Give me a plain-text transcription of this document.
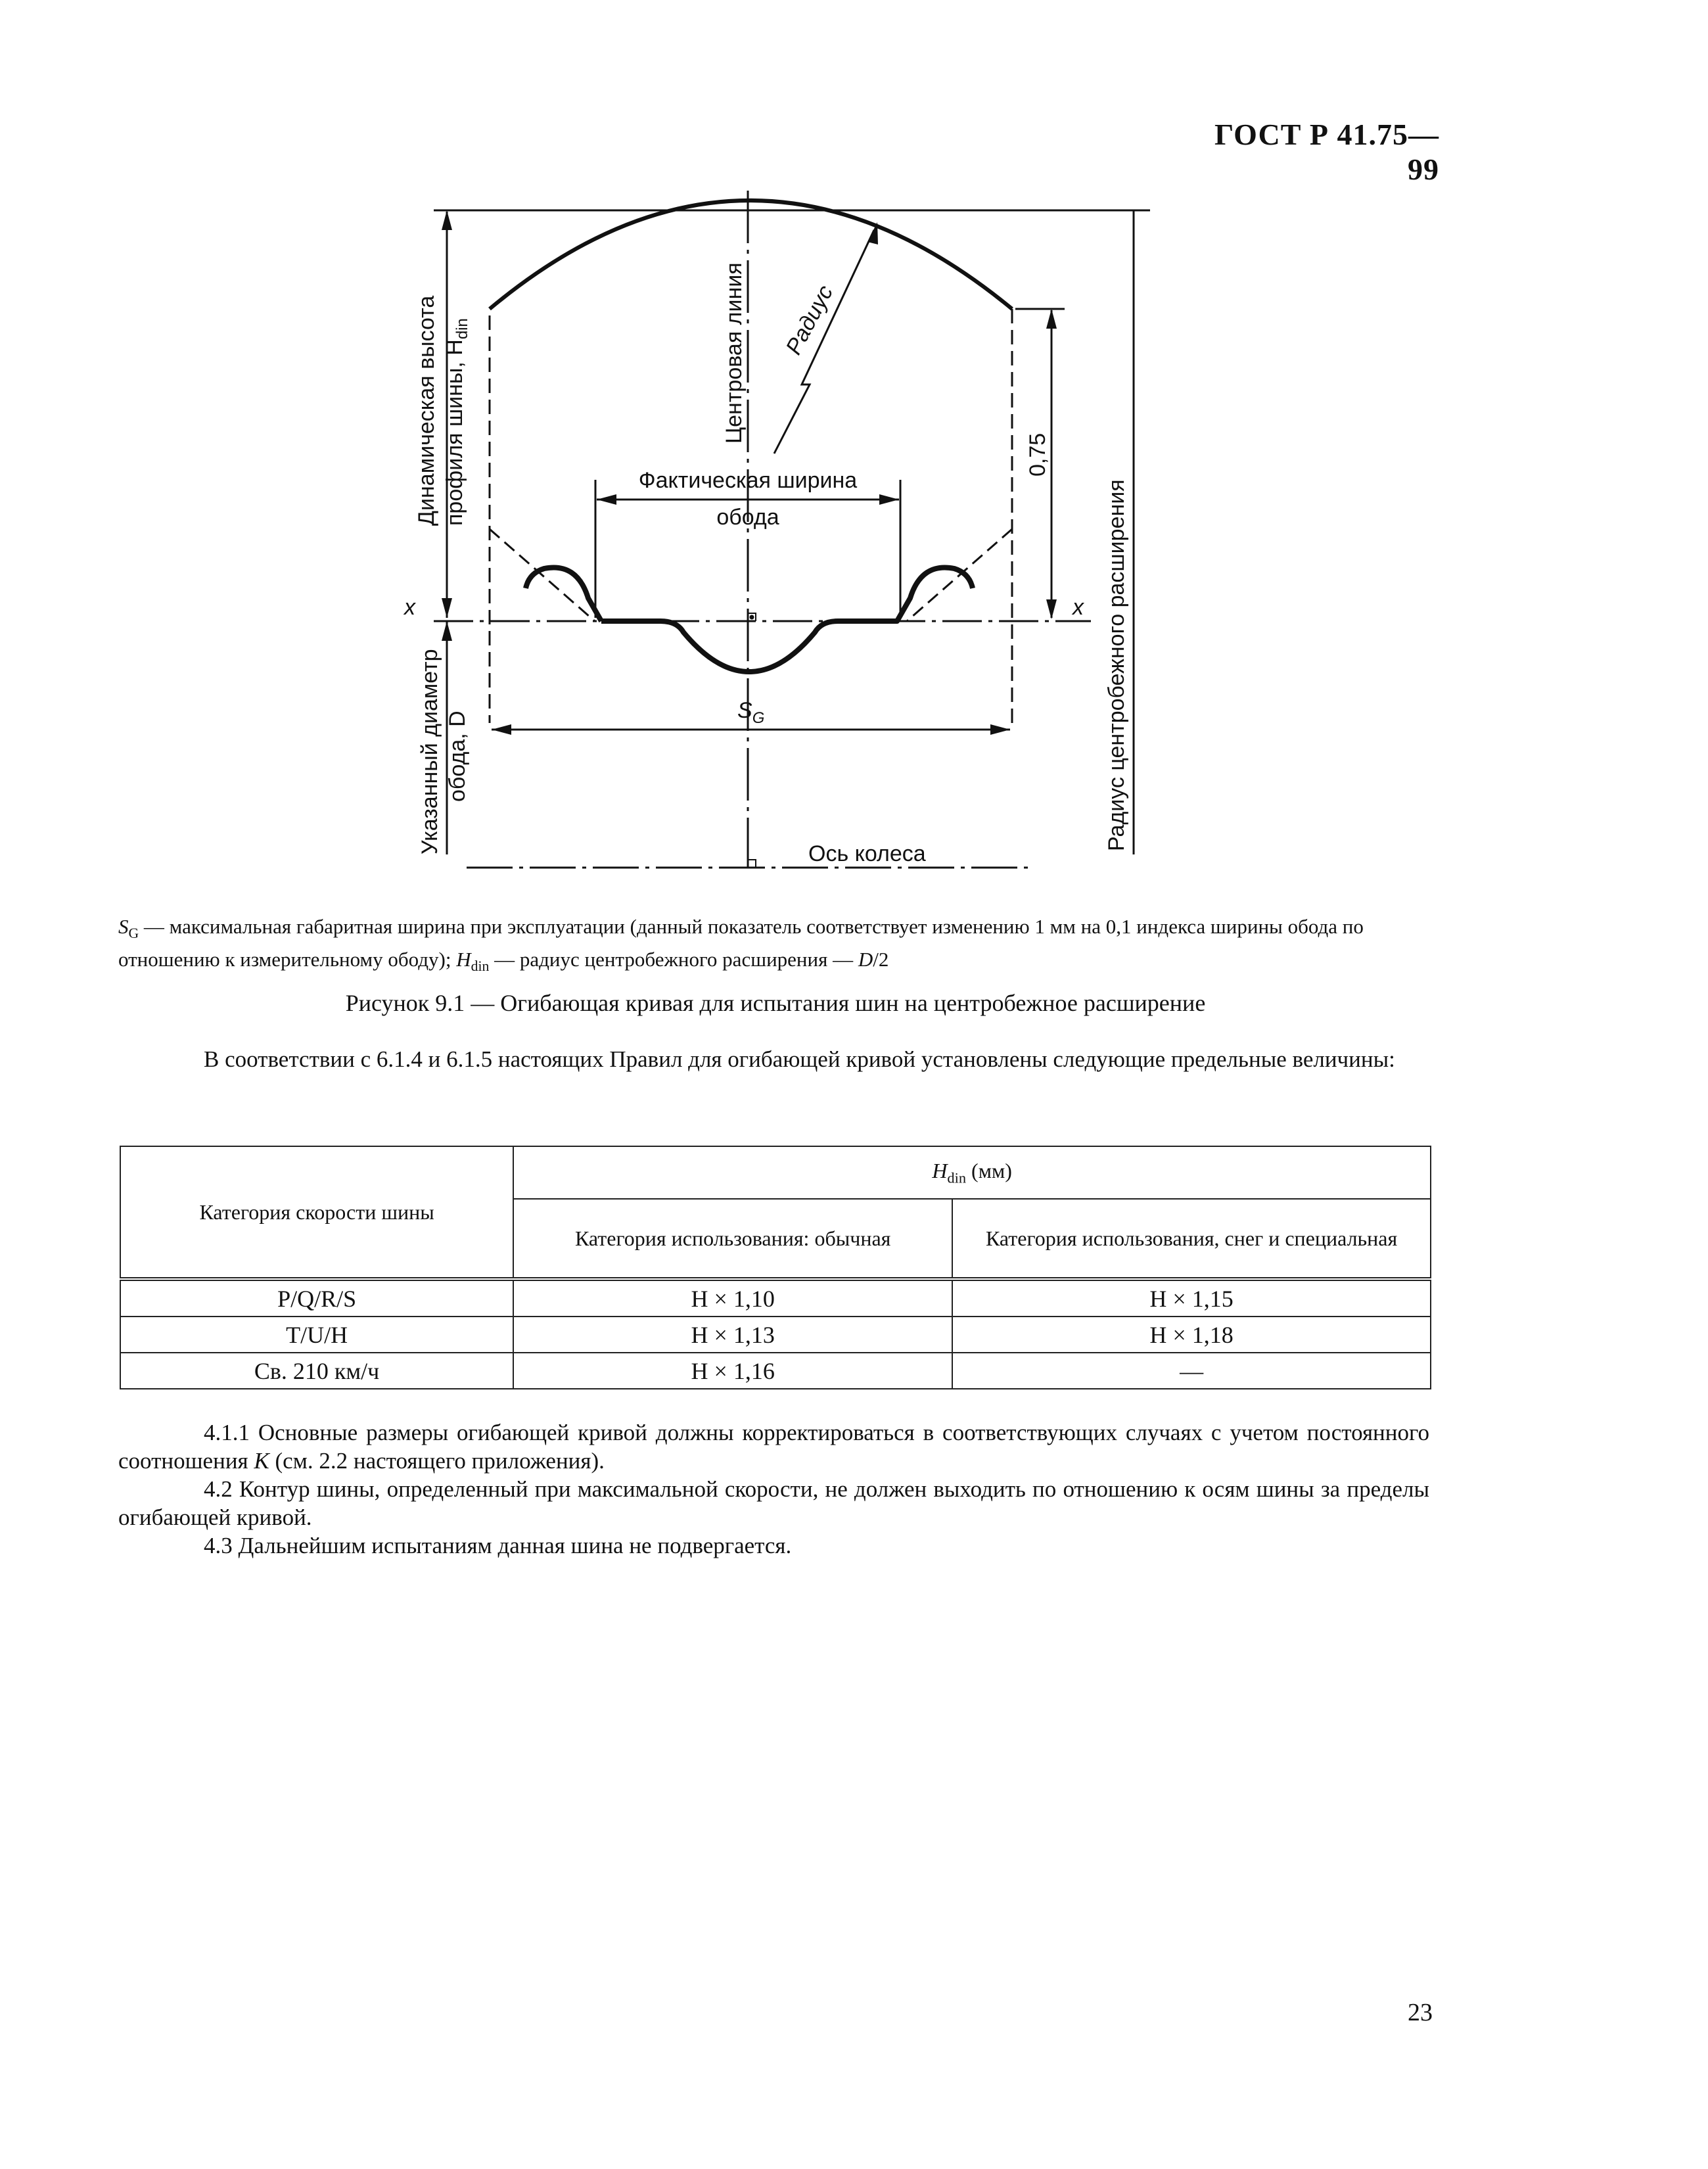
ГОСТ Р 41.75—99
Динамическая высота профиля шины, $H_{din}$	Центровая линия Радиус
0,75
Фактическая ширина
обода
x	x
Указанный диаметр обода, D
$S_G$
Ось колеса
Радиус центробежного расширения
$S_G$ — максимальная габаритная ширина при эксплуатации (данный показатель соответствует изменению 1 мм на 0,1 индекса ширины обода по отношению к измерительному ободу); $H_{din}$ — радиус центробежного расширения — D/2
Рисунок 9.1 — Огибающая кривая для испытания шин на центробежное расширение
В соответствии с 6.1.4 и 6.1.5 настоящих Правил для огибающей кривой установлены следующие предельные величины:
Категория скорости шины	$H_{din}$ (мм)	
	Категория использования: обычная	Категория использования, снег и специальная
P/Q/R/S	H × 1,10	H × 1,15
T/U/H	H × 1,13	H × 1,18
Св. 210 км/ч	H × 1,16	—

4.1.1 Основные размеры огибающей кривой должны корректироваться в соответствующих случаях с учетом постоянного соотношения K (см. 2.2 настоящего приложения).

4.2 Контур шины, определенный при максимальной скорости, не должен выходить по отношению к осям шины за пределы огибающей кривой.

4.3 Дальнейшим испытаниям данная шина не подвергается.

23
